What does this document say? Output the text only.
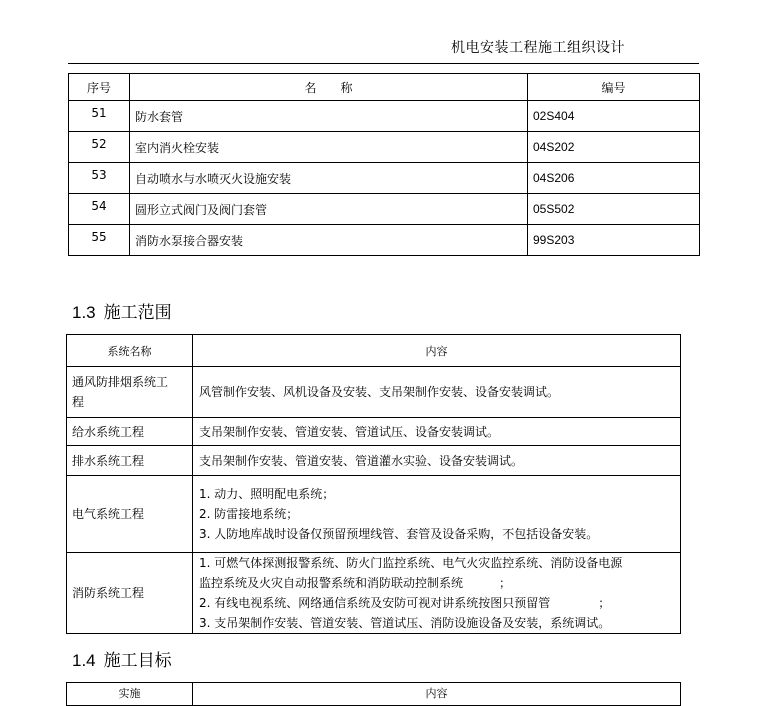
机电安装工程施工组织设计
序号	名　　称	编号
51	防水套管	02S404
52	室内消火栓安装	04S202
53	自动喷水与水喷灭火设施安装	04S206
54	圆形立式阀门及阀门套管	05S502
55	消防水泵接合器安装	99S203
1.3 施工范围
系统名称	内容

通风防排烟系统工
程	风管制作安装、风机设备及安装、支吊架制作安装、设备安装调试。

给水系统工程	支吊架制作安装、管道安装、管道试压、设备安装调试。

排水系统工程	支吊架制作安装、管道安装、管道灌水实验、设备安装调试。

电气系统工程	1. 动力、照明配电系统；
2. 防雷接地系统；
3. 人防地库战时设备仅预留预埋线管、套管及设备采购，不包括设备安装。

消防系统工程	1. 可燃气体探测报警系统、防火门监控系统、电气火灾监控系统、消防设备电源
监控系统及火灾自动报警系统和消防联动控制系统　　　；
2. 有线电视系统、网络通信系统及安防可视对讲系统按图只预留管　　　　；
3. 支吊架制作安装、管道安装、管道试压、消防设施设备及安装，系统调试。
1.4 施工目标
实施	内容
